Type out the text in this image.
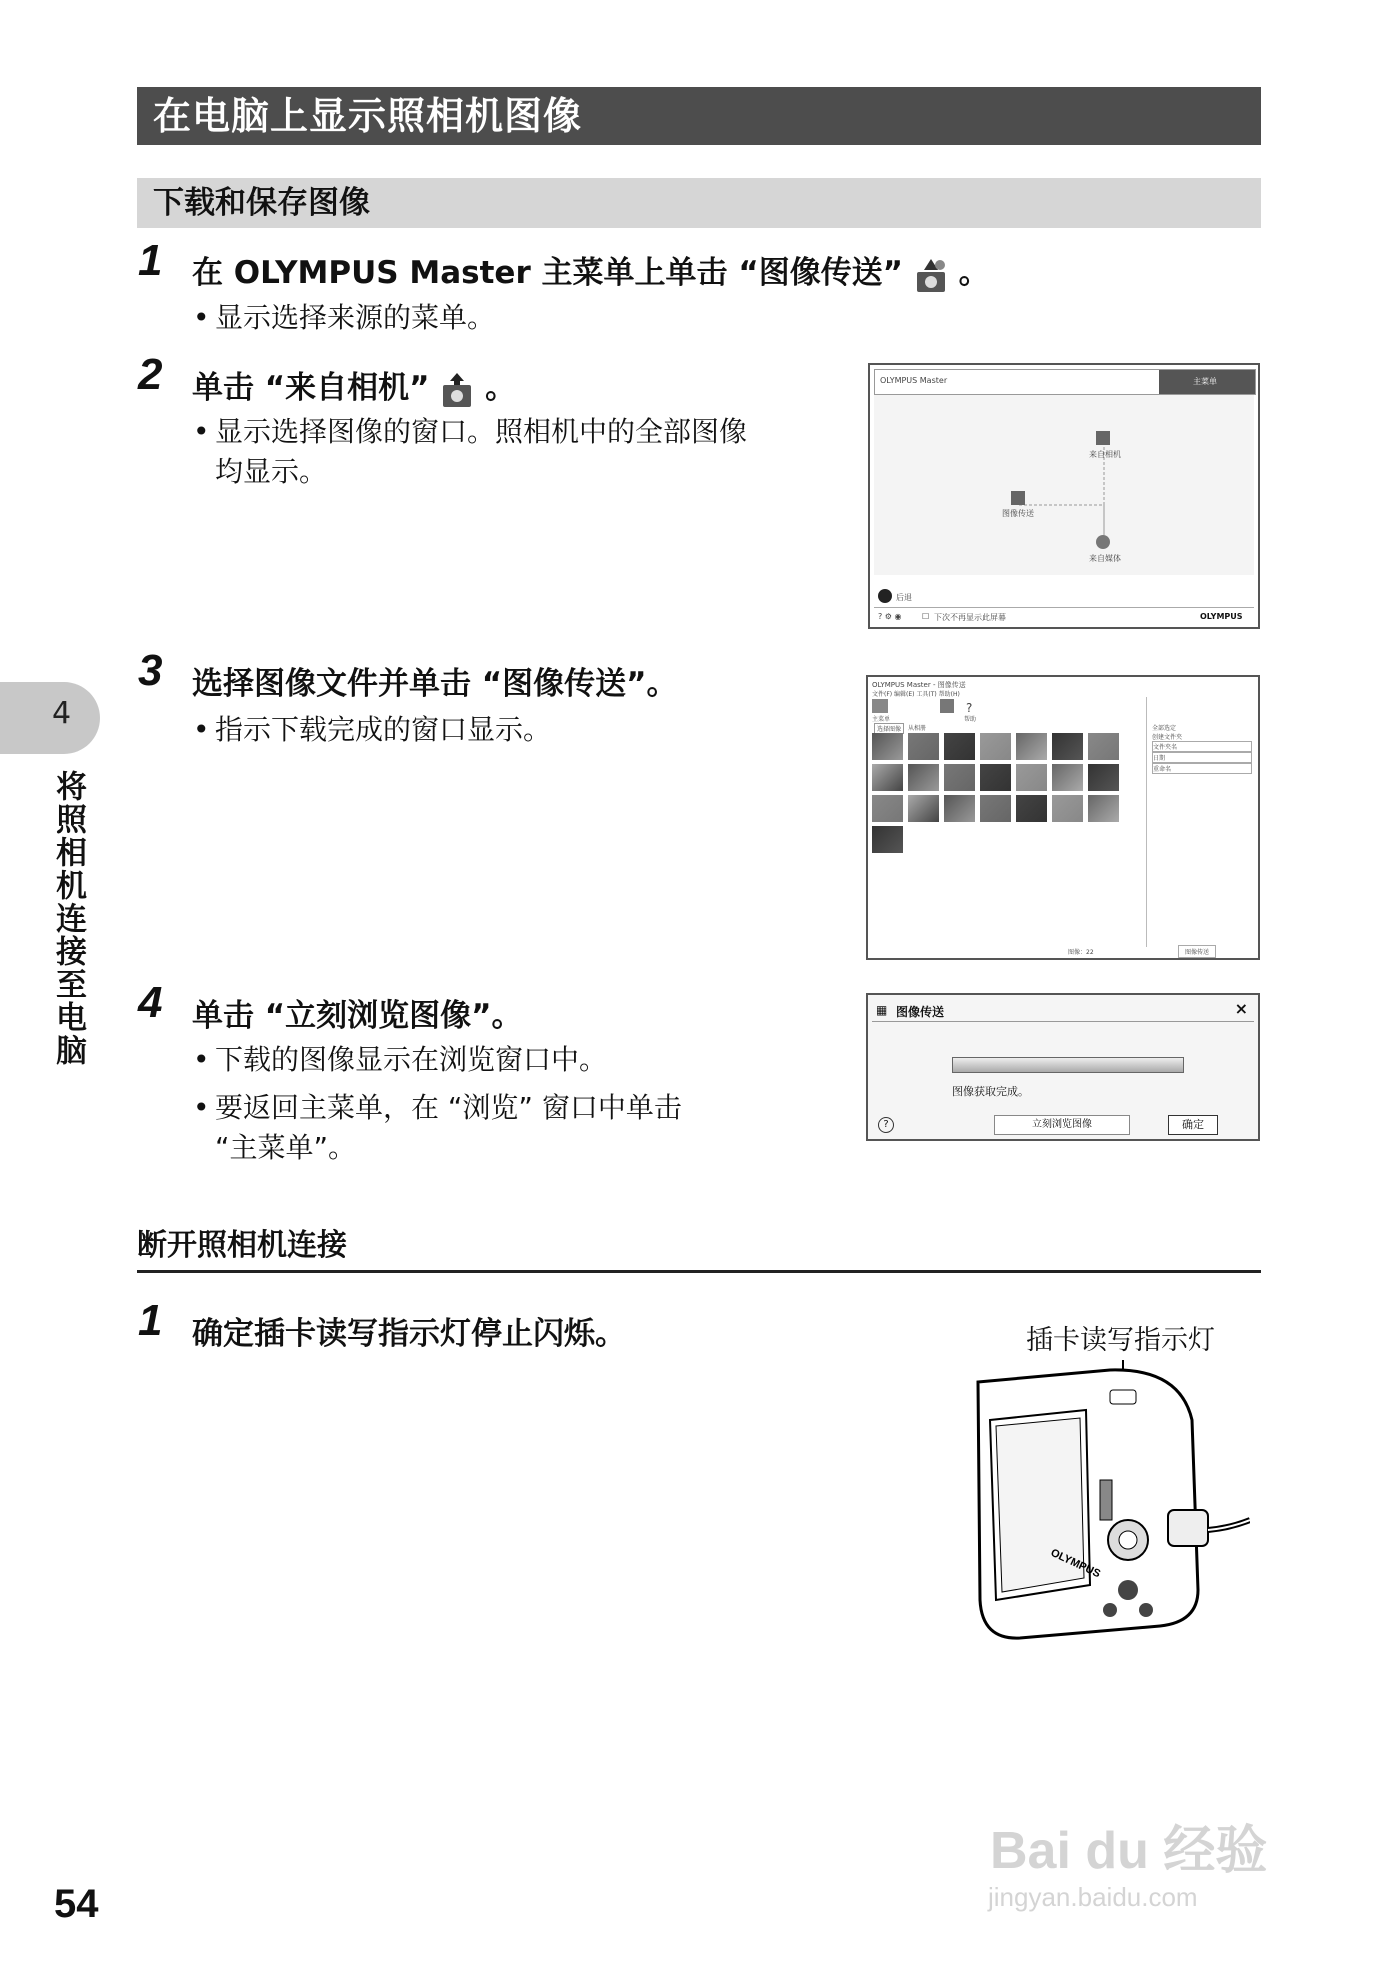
在电脑上显示照相机图像
下载和保存图像
1 在 OLYMPUS Master 主菜单上单击 “图像传送” 。
• 显示选择来源的菜单。
2 单击 “来自相机” 。
• 显示选择图像的窗口。照相机中的全部图像
均显示。
OLYMPUS Master	主菜单
来自相机
图像传送
来自媒体
后退
? ⚙ ◉	☐ 下次不再显示此屏幕	OLYMPUS
3 选择图像文件并单击 “图像传送”。
• 指示下载完成的窗口显示。
OLYMPUS Master - 图像传送
文件(F) 编辑(E) 工具(T) 帮助(H)
主菜单
?
帮助
选择图像	从相册	全部选定
创建文件夹
文件夹名
日期
重命名
图像：22	图像传送
4 单击 “立刻浏览图像”。
• 下载的图像显示在浏览窗口中。
• 要返回主菜单，在 “浏览” 窗口中单击
“主菜单”。
▦ 图像传送	×
图像获取完成。
?	立刻浏览图像	确定
断开照相机连接
1 确定插卡读写指示灯停止闪烁。	插卡读写指示灯
OLYMPUS
4
将照相机连接至电脑
54
Bai du 经验
jingyan.baidu.com
